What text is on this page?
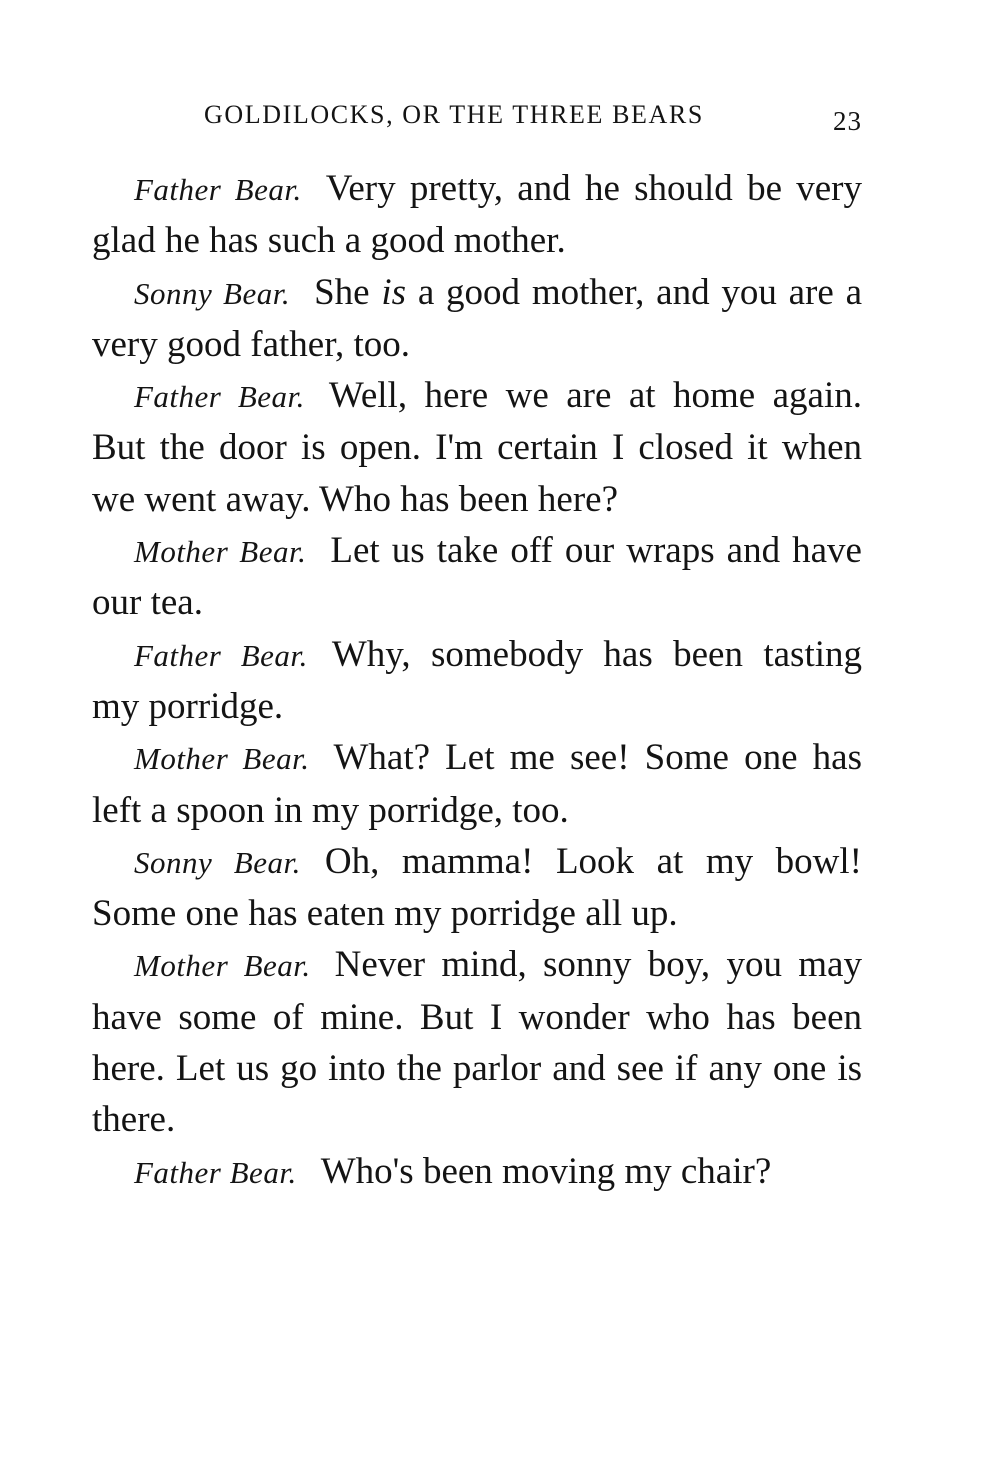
GOLDILOCKS, OR THE THREE BEARS	23

Father Bear. Very pretty, and he should be very glad he has such a good mother.

Sonny Bear. She is a good mother, and you are a very good father, too.

Father Bear. Well, here we are at home again. But the door is open. I'm certain I closed it when we went away. Who has been here?

Mother Bear. Let us take off our wraps and have our tea.

Father Bear. Why, somebody has been tasting my porridge.

Mother Bear. What? Let me see! Some one has left a spoon in my porridge, too.

Sonny Bear. Oh, mamma! Look at my bowl! Some one has eaten my porridge all up.

Mother Bear. Never mind, sonny boy, you may have some of mine. But I wonder who has been here. Let us go into the parlor and see if any one is there.

Father Bear. Who's been moving my chair?
